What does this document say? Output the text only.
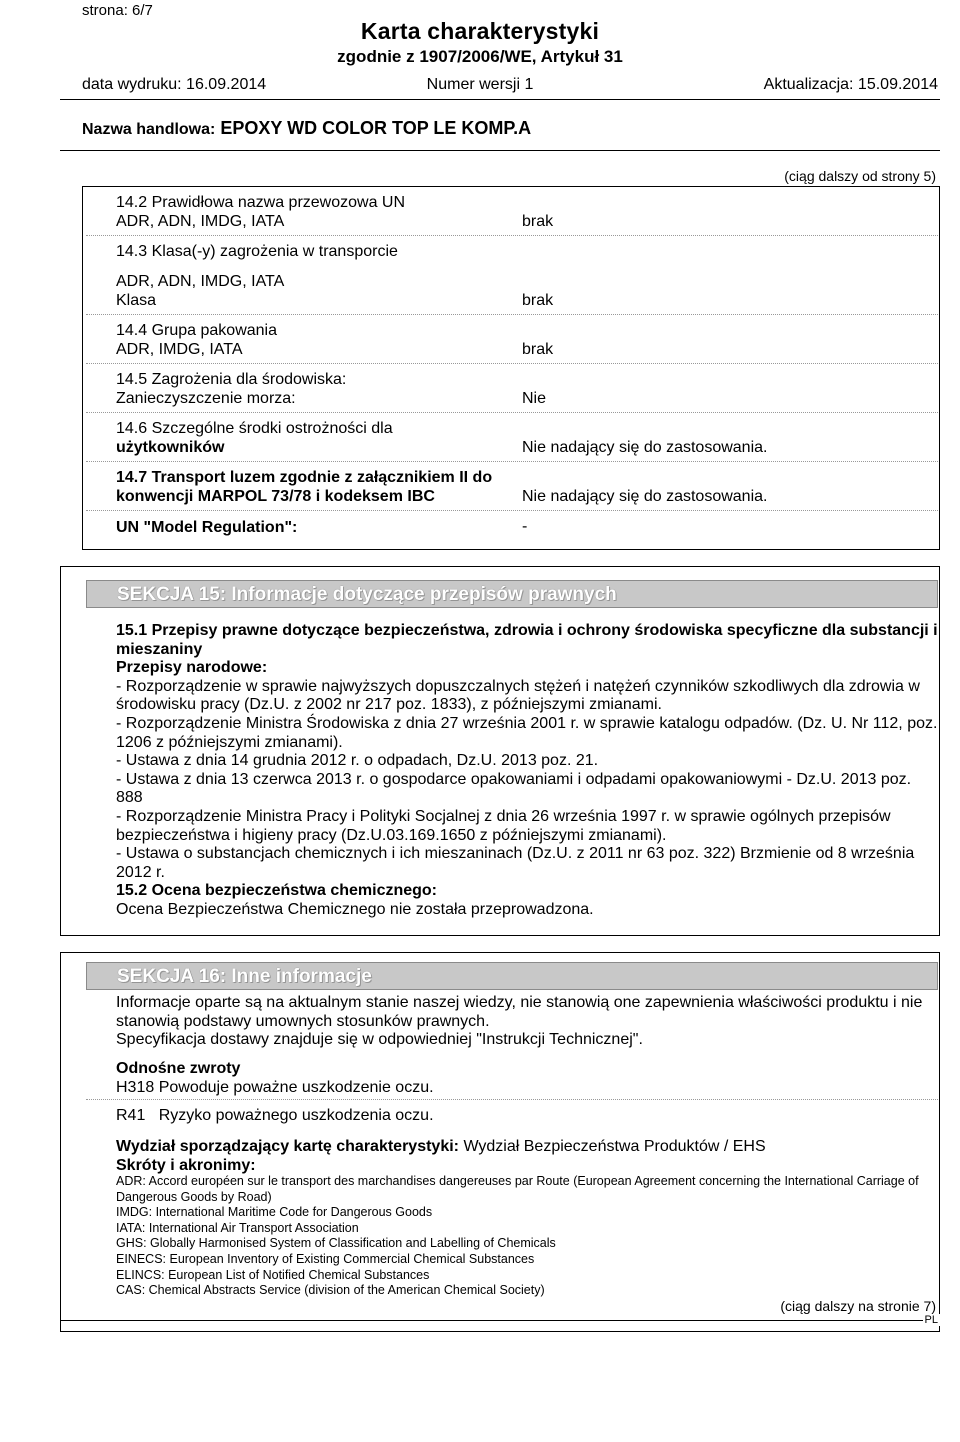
strona: 6/7
Karta charakterystyki
zgodnie z 1907/2006/WE, Artykuł 31
data wydruku: 16.09.2014	Numer wersji 1	Aktualizacja: 15.09.2014
Nazwa handlowa: EPOXY WD COLOR TOP LE KOMP.A
(ciąg dalszy od strony 5)
14.2 Prawidłowa nazwa przewozowa UN
ADR, ADN, IMDG, IATA	brak
14.3 Klasa(-y) zagrożenia w transporcie
ADR, ADN, IMDG, IATA
Klasa	brak
14.4 Grupa pakowania
ADR, IMDG, IATA	brak
14.5 Zagrożenia dla środowiska:
Zanieczyszczenie morza:	Nie
14.6 Szczególne środki ostrożności dla
użytkowników	Nie nadający się do zastosowania.
14.7 Transport luzem zgodnie z załącznikiem II do
konwencji MARPOL 73/78 i kodeksem IBC	Nie nadający się do zastosowania.
UN "Model Regulation":	-
SEKCJA 15: Informacje dotyczące przepisów prawnych

15.1 Przepisy prawne dotyczące bezpieczeństwa, zdrowia i ochrony środowiska specyficzne dla substancji i mieszaniny

Przepisy narodowe:

- Rozporządzenie w sprawie najwyższych dopuszczalnych stężeń i natężeń czynników szkodliwych dla zdrowia w środowisku pracy (Dz.U. z 2002 nr 217 poz. 1833), z późniejszymi zmianami.

- Rozporządzenie Ministra Środowiska z dnia 27 września 2001 r. w sprawie katalogu odpadów. (Dz. U. Nr 112, poz. 1206 z późniejszymi zmianami).

- Ustawa z dnia 14 grudnia 2012 r. o odpadach, Dz.U. 2013 poz. 21.

- Ustawa z dnia 13 czerwca 2013 r. o gospodarce opakowaniami i odpadami opakowaniowymi - Dz.U. 2013 poz. 888

- Rozporządzenie Ministra Pracy i Polityki Socjalnej z dnia 26 września 1997 r. w sprawie ogólnych przepisów bezpieczeństwa i higieny pracy (Dz.U.03.169.1650 z późniejszymi zmianami).

- Ustawa o substancjach chemicznych i ich mieszaninach (Dz.U. z 2011 nr 63 poz. 322) Brzmienie od 8 września 2012 r.

15.2 Ocena bezpieczeństwa chemicznego:

Ocena Bezpieczeństwa Chemicznego nie została przeprowadzona.

SEKCJA 16: Inne informacje

Informacje oparte są na aktualnym stanie naszej wiedzy, nie stanowią one zapewnienia właściwości produktu i nie stanowią podstawy umownych stosunków prawnych.

Specyfikacja dostawy znajduje się w odpowiedniej "Instrukcji Technicznej".

Odnośne zwroty

H318 Powoduje poważne uszkodzenie oczu.

R41 Ryzyko poważnego uszkodzenia oczu.

Wydział sporządzający kartę charakterystyki: Wydział Bezpieczeństwa Produktów / EHS

Skróty i akronimy:

ADR: Accord européen sur le transport des marchandises dangereuses par Route (European Agreement concerning the International Carriage of Dangerous Goods by Road)

IMDG: International Maritime Code for Dangerous Goods

IATA: International Air Transport Association

GHS: Globally Harmonised System of Classification and Labelling of Chemicals

EINECS: European Inventory of Existing Commercial Chemical Substances

ELINCS: European List of Notified Chemical Substances

CAS: Chemical Abstracts Service (division of the American Chemical Society)

(ciąg dalszy na stronie 7)
PL
